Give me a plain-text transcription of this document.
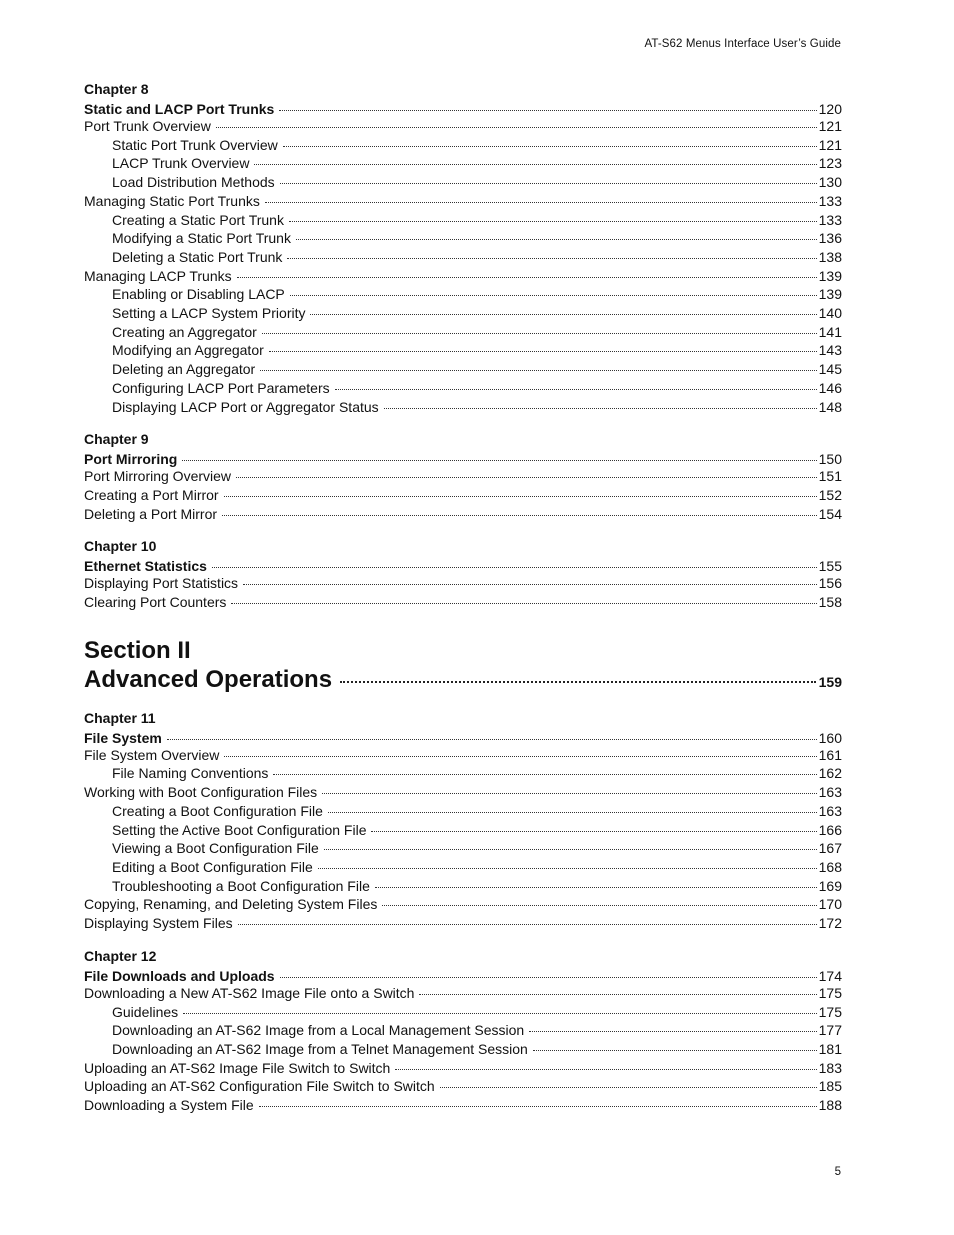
AT-S62 Menus Interface User’s Guide
Chapter 8
Static and LACP Port Trunks	120
Port Trunk Overview	121
Static Port Trunk Overview	121
LACP Trunk Overview	123
Load Distribution Methods	130
Managing Static Port Trunks	133
Creating a Static Port Trunk	133
Modifying a Static Port Trunk	136
Deleting a Static Port Trunk	138
Managing LACP Trunks	139
Enabling or Disabling LACP	139
Setting a LACP System Priority	140
Creating an Aggregator	141
Modifying an Aggregator	143
Deleting an Aggregator	145
Configuring LACP Port Parameters	146
Displaying LACP Port or Aggregator Status	148
Chapter 9
Port Mirroring	150
Port Mirroring Overview	151
Creating a Port Mirror	152
Deleting a Port Mirror	154
Chapter 10
Ethernet Statistics	155
Displaying Port Statistics	156
Clearing Port Counters	158
Section II
Advanced Operations	159
Chapter 11
File System	160
File System Overview	161
File Naming Conventions	162
Working with Boot Configuration Files	163
Creating a Boot Configuration File	163
Setting the Active Boot Configuration File	166
Viewing a Boot Configuration File	167
Editing a Boot Configuration File	168
Troubleshooting a Boot Configuration File	169
Copying, Renaming, and Deleting System Files	170
Displaying System Files	172
Chapter 12
File Downloads and Uploads	174
Downloading a New AT-S62 Image File onto a Switch	175
Guidelines	175
Downloading an AT-S62 Image from a Local Management Session	177
Downloading an AT-S62 Image from a Telnet Management Session	181
Uploading an AT-S62 Image File Switch to Switch	183
Uploading an AT-S62 Configuration File Switch to Switch	185
Downloading a System File	188
5
